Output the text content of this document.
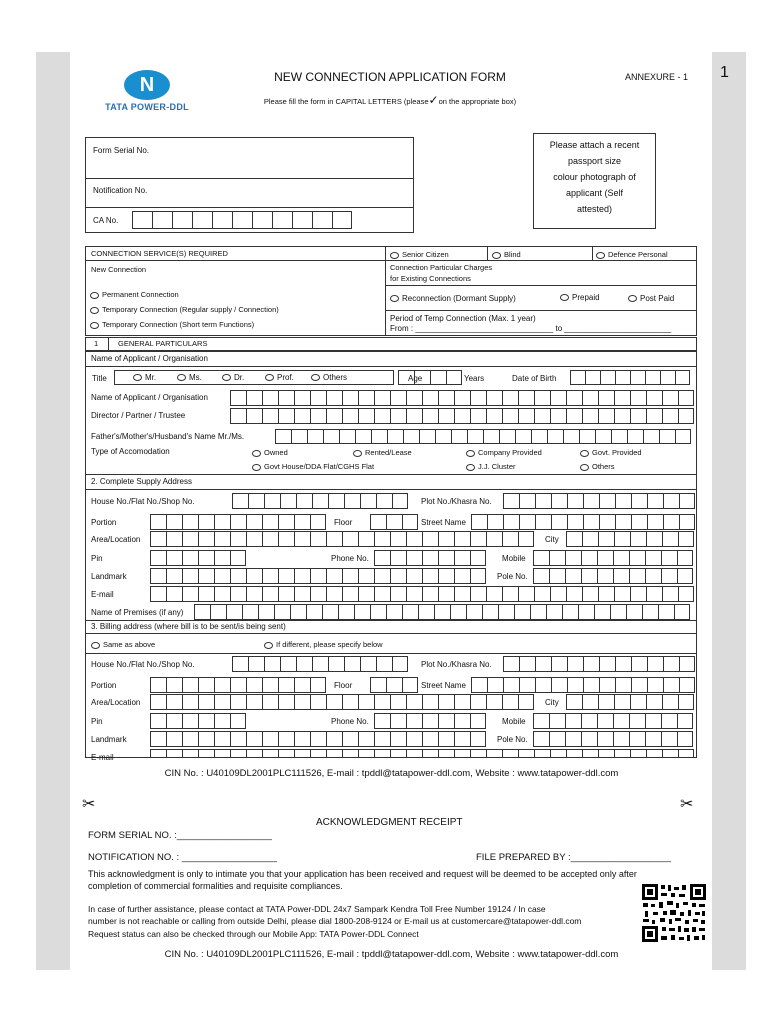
1
N
TATA POWER-DDL
NEW CONNECTION APPLICATION FORM	ANNEXURE - 1
Please fill the form in CAPITAL LETTERS (please✓on the appropriate box)
Form Serial No.
Notification No.
CA No.
Please attach a recent
passport size
colour photograph of
applicant (Self
attested)
CONNECTION SERVICE(S) REQUIRED	Senior Citizen	Blind	Defence Personal
New Connection	Connection Particular Charges
for Existing Connections
Permanent Connection
Temporary Connection (Regular supply / Connection)
Temporary Connection (Short term Functions)
Reconnection (Dormant Supply)	Prepaid	Post Paid
Period of Temp Connection (Max. 1 year)
From : _______________________________ to ________________________
1	GENERAL PARTICULARS
Name of Applicant / Organisation
Title	Mr.	Ms.	Dr.	Prof.	Others	Age	Years	Date of Birth
Name of Applicant / Organisation
Director / Partner / Trustee
Father's/Mother's/Husband's Name Mr./Ms.
Type of Accomodation	Owned	Rented/Lease	Company Provided	Govt. Provided
Govt House/DDA Flat/CGHS Flat	J.J. Cluster	Others
2. Complete Supply Address
House No./Flat No./Shop No.	Plot No./Khasra No.
Portion	Floor	Street Name
Area/Location	City
Pin	Phone No.	Mobile
Landmark	Pole No.
E-mail
Name of Premises (if any)
3. Billing address (where bill is to be sent/is being sent)
Same as above	If different, please specify below
House No./Flat No./Shop No.	Plot No./Khasra No.
Portion	Floor	Street Name
Area/Location	City
Pin	Phone No.	Mobile
Landmark	Pole No.
E-mail
CIN No. : U40109DL2001PLC111526, E-mail : tpddl@tatapower-ddl.com, Website : www.tatapower-ddl.com
✂	✂
ACKNOWLEDGMENT RECEIPT
FORM SERIAL NO. :__________________
NOTIFICATION NO. : __________________	FILE PREPARED BY :___________________
This acknowledgment is only to intimate you that your application has been received and request will be deemed to be accepted only after
completion of commercial formalities and requisite compliances.
In case of further assistance, please contact at TATA Power-DDL 24x7 Sampark Kendra Toll Free Number 19124 / In case
number is not reachable or calling from outside Delhi, please dial 1800-208-9124 or E-mail us at customercare@tatapower-ddl.com
Request status can also be checked through our Mobile App: TATA Power-DDL Connect
CIN No. : U40109DL2001PLC111526, E-mail : tpddl@tatapower-ddl.com, Website : www.tatapower-ddl.com
